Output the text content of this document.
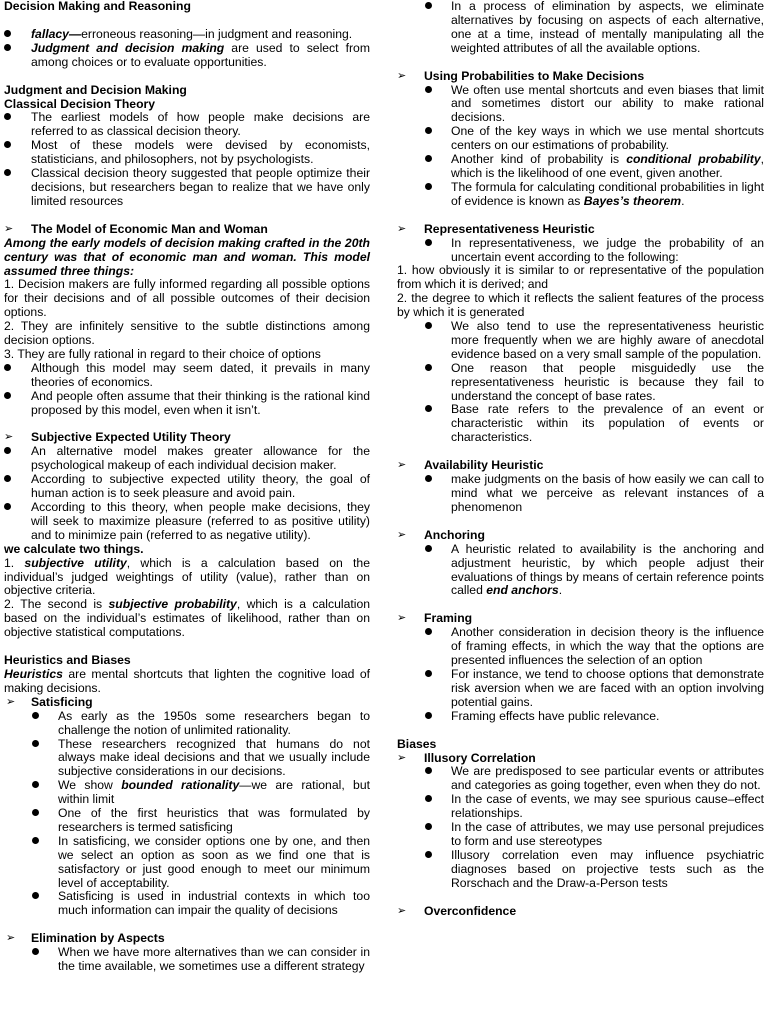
Decision Making and Reasoning

fallacy—erroneous reasoning—in judgment and reasoning.
Judgment and decision making are used to select from among choices or to evaluate opportunities.

Judgment and Decision Making

Classical Decision Theory

The earliest models of how people make decisions are referred to as classical decision theory.
Most of these models were devised by economists, statisticians, and philosophers, not by psychologists.
Classical decision theory suggested that people optimize their decisions, but researchers began to realize that we have only limited resources
➢ The Model of Economic Man and Woman

Among the early models of decision making crafted in the 20th century was that of economic man and woman. This model assumed three things:

1. Decision makers are fully informed regarding all possible options for their decisions and of all possible outcomes of their decision options.

2. They are infinitely sensitive to the subtle distinctions among decision options.

3. They are fully rational in regard to their choice of options

Although this model may seem dated, it prevails in many theories of economics.
And people often assume that their thinking is the rational kind proposed by this model, even when it isn’t.
➢ Subjective Expected Utility Theory
An alternative model makes greater allowance for the psychological makeup of each individual decision maker.
According to subjective expected utility theory, the goal of human action is to seek pleasure and avoid pain.
According to this theory, when people make decisions, they will seek to maximize pleasure (referred to as positive utility) and to minimize pain (referred to as negative utility).

we calculate two things.

1. subjective utility, which is a calculation based on the individual’s judged weightings of utility (value), rather than on objective criteria.

2. The second is subjective probability, which is a calculation based on the individual’s estimates of likelihood, rather than on objective statistical computations.

Heuristics and Biases

Heuristics are mental shortcuts that lighten the cognitive load of making decisions.

➢ Satisficing
As early as the 1950s some researchers began to challenge the notion of unlimited rationality.
These researchers recognized that humans do not always make ideal decisions and that we usually include subjective considerations in our decisions.
We show bounded rationality—we are rational, but within limit
One of the first heuristics that was formulated by researchers is termed satisficing
In satisficing, we consider options one by one, and then we select an option as soon as we find one that is satisfactory or just good enough to meet our minimum level of acceptability.
Satisficing is used in industrial contexts in which too much information can impair the quality of decisions
➢ Elimination by Aspects
When we have more alternatives than we can consider in the time available, we sometimes use a different strategy
In a process of elimination by aspects, we eliminate alternatives by focusing on aspects of each alternative, one at a time, instead of mentally manipulating all the weighted attributes of all the available options.
➢ Using Probabilities to Make Decisions
We often use mental shortcuts and even biases that limit and sometimes distort our ability to make rational decisions.
One of the key ways in which we use mental shortcuts centers on our estimations of probability.
Another kind of probability is conditional probability, which is the likelihood of one event, given another.
The formula for calculating conditional probabilities in light of evidence is known as Bayes’s theorem.
➢ Representativeness Heuristic
In representativeness, we judge the probability of an uncertain event according to the following:

1. how obviously it is similar to or representative of the population from which it is derived; and

2. the degree to which it reflects the salient features of the process by which it is generated

We also tend to use the representativeness heuristic more frequently when we are highly aware of anecdotal evidence based on a very small sample of the population.
One reason that people misguidedly use the representativeness heuristic is because they fail to understand the concept of base rates.
Base rate refers to the prevalence of an event or characteristic within its population of events or characteristics.
➢ Availability Heuristic
make judgments on the basis of how easily we can call to mind what we perceive as relevant instances of a phenomenon
➢ Anchoring
A heuristic related to availability is the anchoring and adjustment heuristic, by which people adjust their evaluations of things by means of certain reference points called end anchors.
➢ Framing
Another consideration in decision theory is the influence of framing effects, in which the way that the options are presented influences the selection of an option
For instance, we tend to choose options that demonstrate risk aversion when we are faced with an option involving potential gains.
Framing effects have public relevance.

Biases

➢ Illusory Correlation
We are predisposed to see particular events or attributes and categories as going together, even when they do not.
In the case of events, we may see spurious cause–effect relationships.
In the case of attributes, we may use personal prejudices to form and use stereotypes
Illusory correlation even may influence psychiatric diagnoses based on projective tests such as the Rorschach and the Draw-a-Person tests
➢ Overconfidence
